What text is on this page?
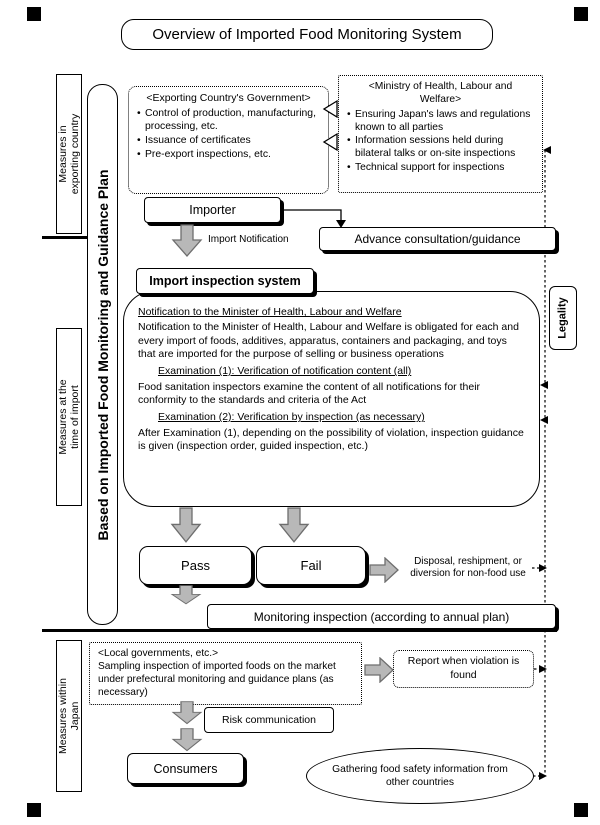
Overview of Imported Food Monitoring System
Measures in exporting country
Measures at the time of import
Measures within Japan
Based on Imported Food Monitoring and Guidance Plan
<Exporting Country's Government>
• Control of production, manufacturing, processing, etc.
• Issuance of certificates
• Pre-export inspections, etc.
<Ministry of Health, Labour and Welfare>
• Ensuring Japan's laws and regulations known to all parties
• Information sessions held during bilateral talks or on-site inspections
• Technical support for inspections
Importer
Import Notification	Advance consultation/guidance
Notification to the Minister of Health, Labour and Welfare

Notification to the Minister of Health, Labour and Welfare is obligated for each and every import of foods, additives, apparatus, containers and packaging, and toys that are imported for the purpose of selling or business operations

Examination (1): Verification of notification content (all)

Food sanitation inspectors examine the content of all notifications for their conformity to the standards and criteria of the Act

Examination (2): Verification by inspection (as necessary)

After Examination (1), depending on the possibility of violation, inspection guidance is given (inspection order, guided inspection, etc.)

Import inspection system
Pass	Fail	Disposal, reshipment, or diversion for non-food use
Monitoring inspection (according to annual plan)
Legality
<Local governments, etc.>
Sampling inspection of imported foods on the market under prefectural monitoring and guidance plans (as necessary)
Report when violation is found
Risk communication
Consumers	Gathering food safety information from other countries
